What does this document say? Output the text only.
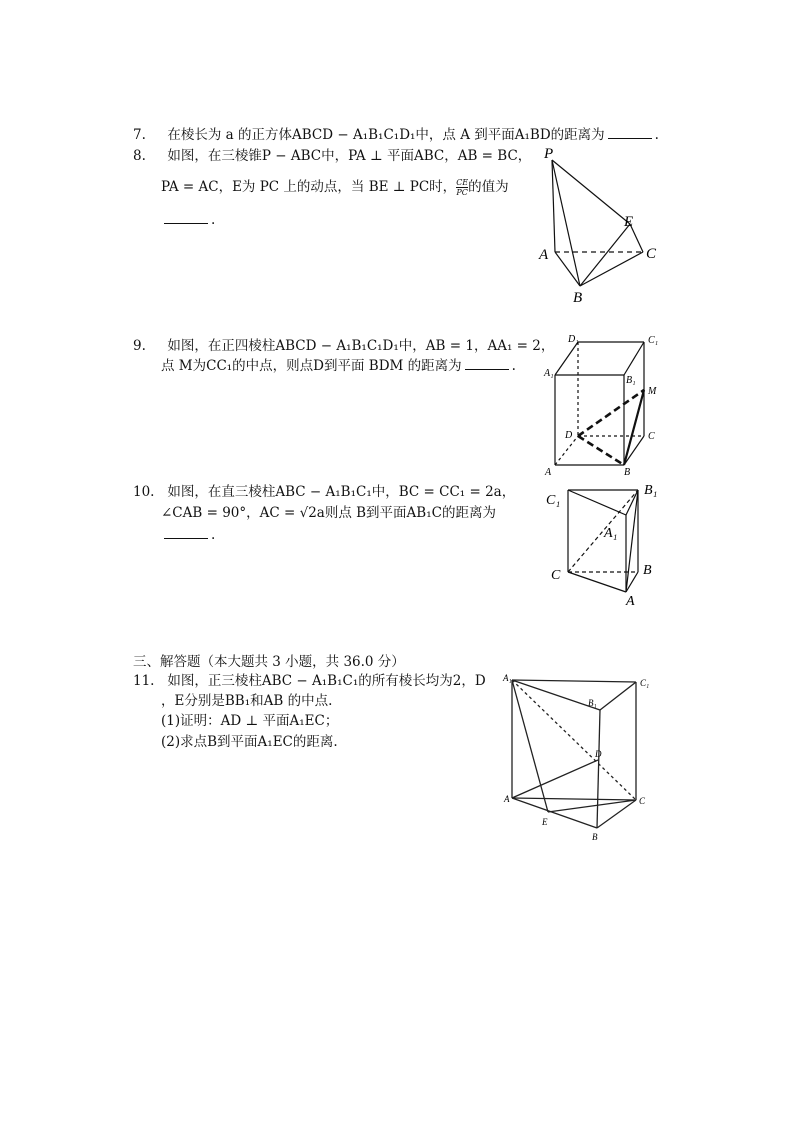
7. 在棱长为 a 的正方体ABCD − A₁B₁C₁D₁中，点 A 到平面A₁BD的距离为	.
8. 如图，在三棱锥P − ABC中，PA ⊥ 平面ABC，AB = BC，
PA = AC，E为 PC 上的动点，当 BE ⊥ PC时， $\frac{CE}{PC}$ 的值为
.
P
E
A	C
B
9. 如图，在正四棱柱ABCD − A₁B₁C₁D₁中，AB = 1，AA₁ = 2，
点 M为CC₁的中点，则点D到平面 BDM 的距离为	.
D₁	C₁
A₁
B₁
M
D	C
A	B
10. 如图，在直三棱柱ABC − A₁B₁C₁中，BC = CC₁ = 2a，
∠CAB = 90°，AC = √2a则点 B到平面AB₁C的距离为
.
C₁
B₁
A₁
C	B
A
三、解答题（本大题共 3 小题，共 36.0 分）
11. 如图，正三棱柱ABC − A₁B₁C₁的所有棱长均为2，D
，E分别是BB₁和AB 的中点.
(1)证明：AD ⊥ 平面A₁EC；
(2)求点B到平面A₁EC的距离.
A₁
B₁
C₁
D
A	C
E
B
